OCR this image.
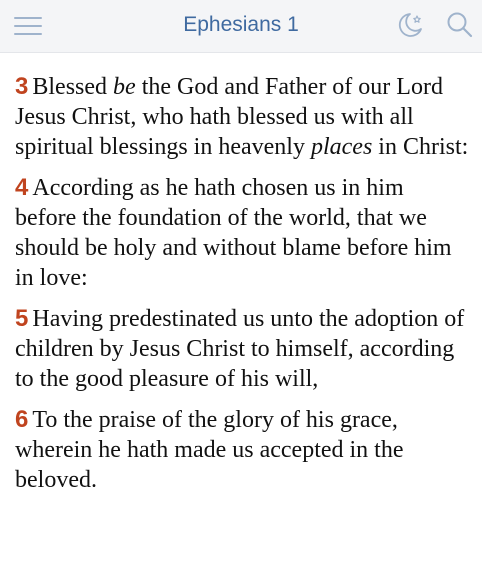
Ephesians 1

3 Blessed be the God and Father of our Lord Jesus Christ, who hath blessed us with all spiritual blessings in heavenly places in Christ:

4 According as he hath chosen us in him before the foundation of the world, that we should be holy and without blame before him in love:

5 Having predestinated us unto the adoption of children by Jesus Christ to himself, according to the good pleasure of his will,

6 To the praise of the glory of his grace, wherein he hath made us accepted in the beloved.
